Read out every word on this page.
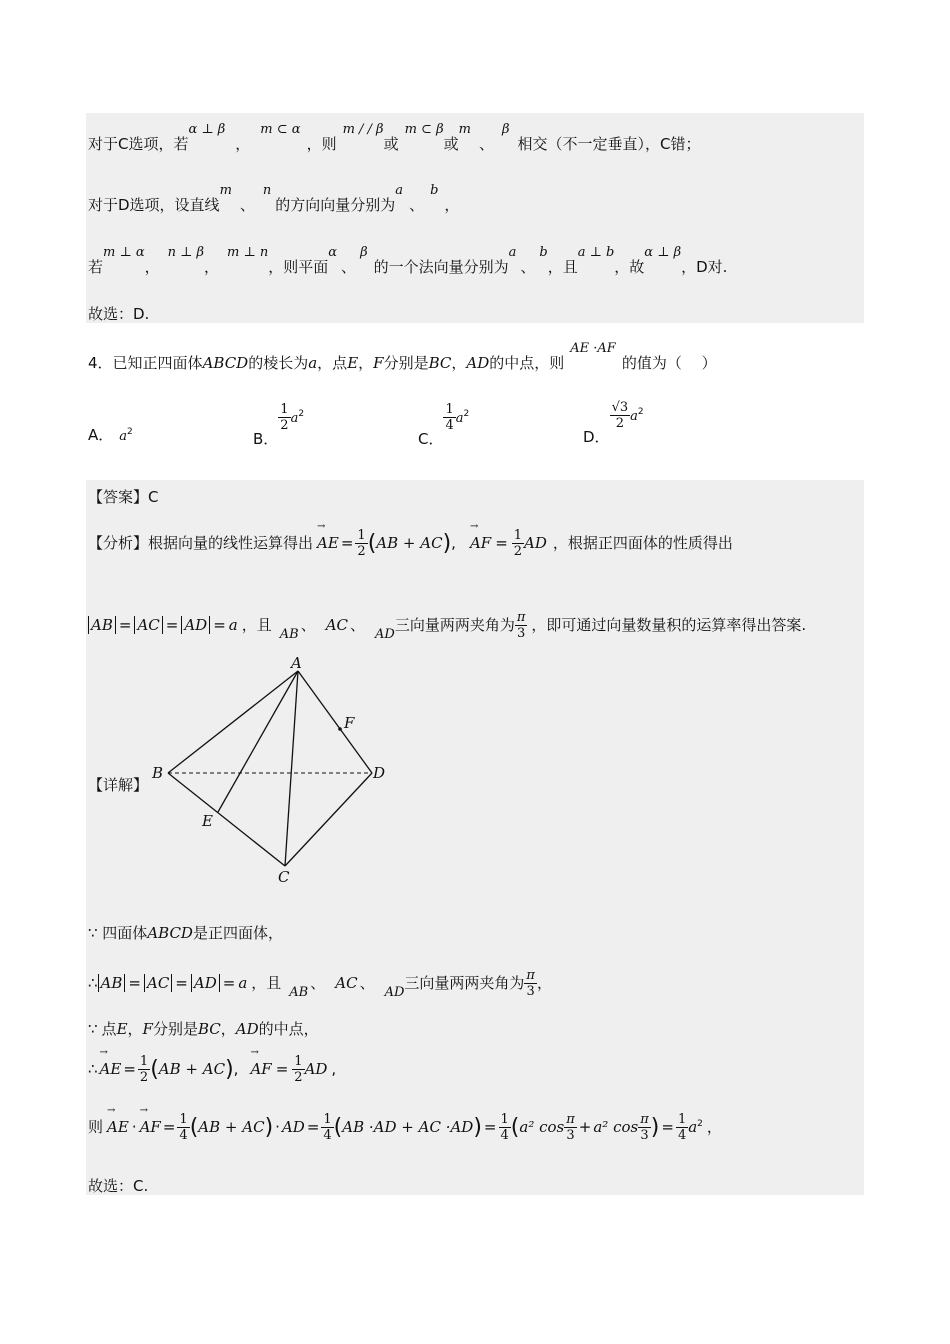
对于C选项，若α ⊥ β，m ⊂ α，则m / / β或m ⊂ β或m、β相交（不一定垂直），C错；
对于D选项，设直线m、n的方向向量分别为a、b，
若m ⊥ α，n ⊥ β，m ⊥ n，则平面α、β的一个法向量分别为a、b，且a ⊥ b，故α ⊥ β，D对.
故选：D.
4．已知正四面体ABCD的棱长为a，点E，F分别是BC，AD的中点，则AE ·AF的值为（　 ）
A． $a^2$	B．
$\frac{1}{2} a^2$
C．
$\frac{1}{4} a^2$
D．
$\frac{√3}{2} a^2$
【答案】C
【分析】根据向量的线性运算得出→ AE = $\frac{1}{2} (AB + AC),\to$ AF = $\frac{1}{2}$ AD ，根据正四面体的性质得出
AB = AC = AD = a ，且AB、 AC 、AD三向量两两夹角为 $\frac{\pi}{3}$ ，即可通过向量数量积的运算率得出答案.
【详解】
A
B
C
D
E
F
∵ 四面体ABCD是正四面体，
∴ AB = AC = AD = a ，且AB、 AC 、AD三向量两两夹角为 $\frac{\pi}{3}$ ，
∵ 点E，F分别是BC，AD的中点，
∴→ AE = $\frac{1}{2} (AB + AC),\to$ AF = $\frac{1}{2}$ AD ,
则→ AE ·→ AF = $\frac{1}{4} (AB + AC)$ · AD = $\frac{1}{4} (AB \cdot AD$ + AC $\cdot AD) = \frac{1}{4} (a^2$ $\cos \frac{\pi}{3} + a^2$ $\cos \frac{\pi}{3}$ ) = $\frac{1}{4} a^2$ ，
故选：C.
